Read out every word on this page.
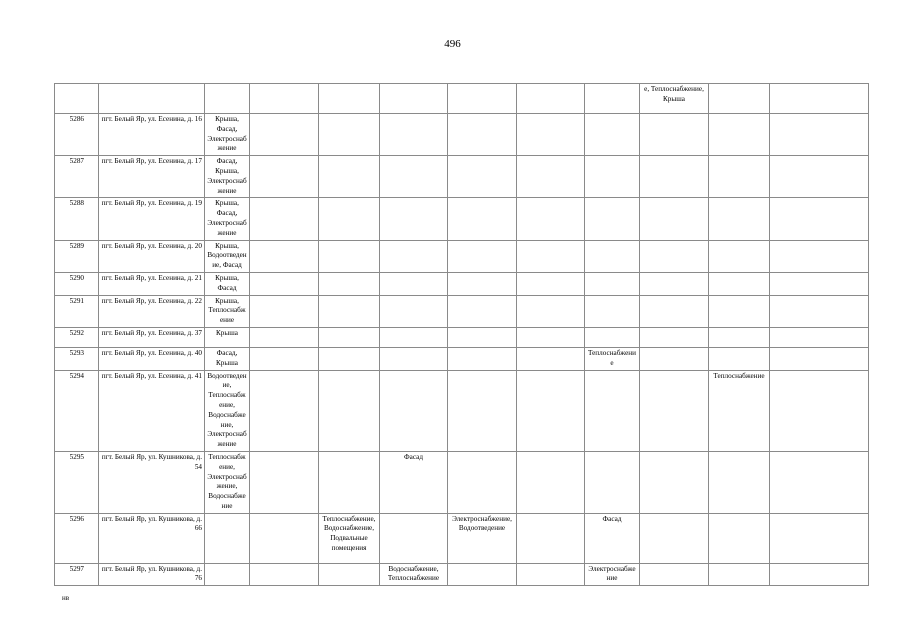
496
									е, Теплоснабжение, Крыша		
5286	пгт. Белый Яр, ул. Есенина, д. 16	Крыша, Фасад, Электроснабжение									
5287	пгт. Белый Яр, ул. Есенина, д. 17	Фасад, Крыша, Электроснабжение									
5288	пгт. Белый Яр, ул. Есенина, д. 19	Крыша, Фасад, Электроснабжение									
5289	пгт. Белый Яр, ул. Есенина, д. 20	Крыша, Водоотведение, Фасад									
5290	пгт. Белый Яр, ул. Есенина, д. 21	Крыша, Фасад									
5291	пгт. Белый Яр, ул. Есенина, д. 22	Крыша, Теплоснабжение									
5292	пгт. Белый Яр, ул. Есенина, д. 37	Крыша									
5293	пгт. Белый Яр, ул. Есенина, д. 40	Фасад, Крыша						Теплоснабжение			
5294	пгт. Белый Яр, ул. Есенина, д. 41	Водоотведение, Теплоснабжение, Водоснабжение, Электроснабжение								Теплоснабжение	
5295	пгт. Белый Яр, ул. Кушникова, д. 54	Теплоснабжение, Электроснабжение, Водоснабжение			Фасад						
5296	пгт. Белый Яр, ул. Кушникова, д. 66			Теплоснабжение, Водоснабжение, Подвальные помещения		Электроснабжение, Водоотведение		Фасад			
5297	пгт. Белый Яр, ул. Кушникова, д. 76				Водоснабжение, Теплоснабжение			Электроснабжение			
нв
